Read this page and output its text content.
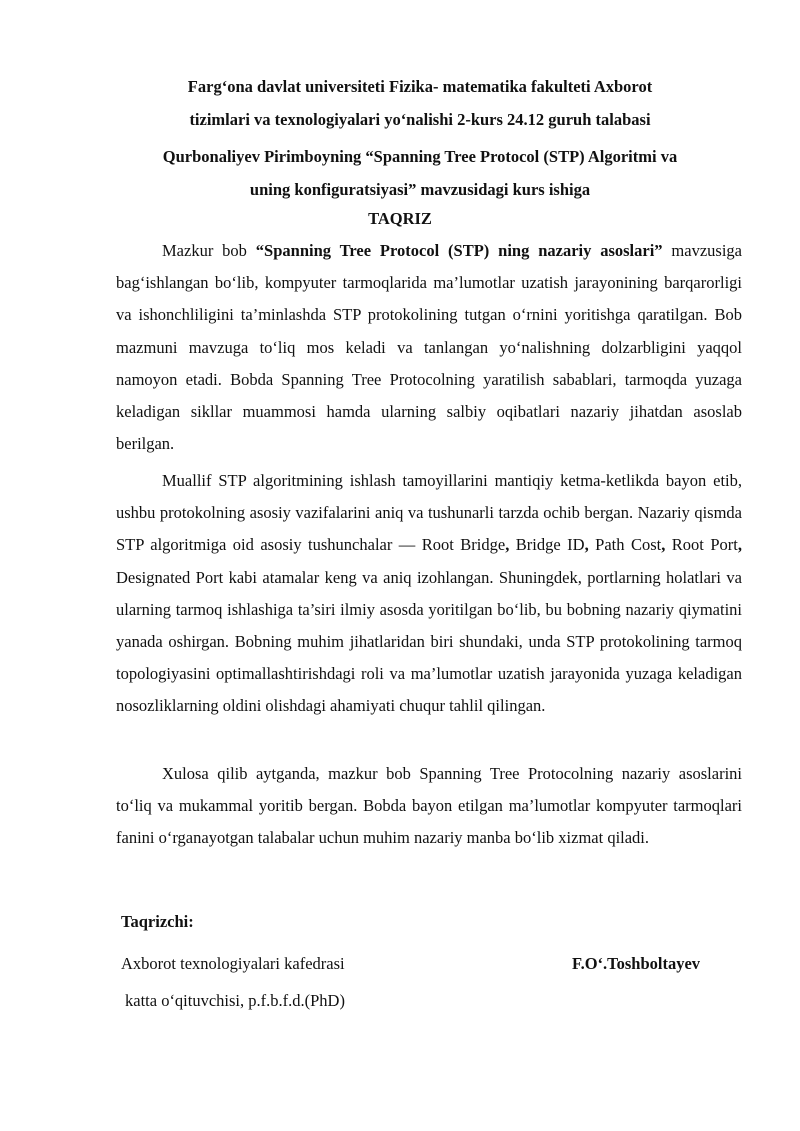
Farg‘ona davlat universiteti Fizika- matematika fakulteti Axborot
tizimlari va texnologiyalari yo‘nalishi 2-kurs 24.12 guruh talabasi
Qurbonaliyev Pirimboyning “Spanning Tree Protocol (STP) Algoritmi va
uning konfiguratsiyasi” mavzusidagi kurs ishiga
TAQRIZ
Mazkur bob “Spanning Tree Protocol (STP) ning nazariy asoslari” mavzusiga bag‘ishlangan bo‘lib, kompyuter tarmoqlarida ma’lumotlar uzatish jarayonining barqarorligi va ishonchliligini ta’minlashda STP protokolining tutgan o‘rnini yoritishga qaratilgan. Bob mazmuni mavzuga to‘liq mos keladi va tanlangan yo‘nalishning dolzarbligini yaqqol namoyon etadi. Bobda Spanning Tree Protocolning yaratilish sabablari, tarmoqda yuzaga keladigan sikllar muammosi hamda ularning salbiy oqibatlari nazariy jihatdan asoslab berilgan.
Muallif STP algoritmining ishlash tamoyillarini mantiqiy ketma-ketlikda bayon etib, ushbu protokolning asosiy vazifalarini aniq va tushunarli tarzda ochib bergan. Nazariy qismda STP algoritmiga oid asosiy tushunchalar — Root Bridge, Bridge ID, Path Cost, Root Port, Designated Port kabi atamalar keng va aniq izohlangan. Shuningdek, portlarning holatlari va ularning tarmoq ishlashiga ta’siri ilmiy asosda yoritilgan bo‘lib, bu bobning nazariy qiymatini yanada oshirgan. Bobning muhim jihatlaridan biri shundaki, unda STP protokolining tarmoq topologiyasini optimallashtirishdagi roli va ma’lumotlar uzatish jarayonida yuzaga keladigan nosozliklarning oldini olishdagi ahamiyati chuqur tahlil qilingan.
Xulosa qilib aytganda, mazkur bob Spanning Tree Protocolning nazariy asoslarini to‘liq va mukammal yoritib bergan. Bobda bayon etilgan ma’lumotlar kompyuter tarmoqlari fanini o‘rganayotgan talabalar uchun muhim nazariy manba bo‘lib xizmat qiladi.
Taqrizchi:
Axborot texnologiyalari kafedrasi
katta o‘qituvchisi, p.f.b.f.d.(PhD)
F.O‘.Toshboltayev
